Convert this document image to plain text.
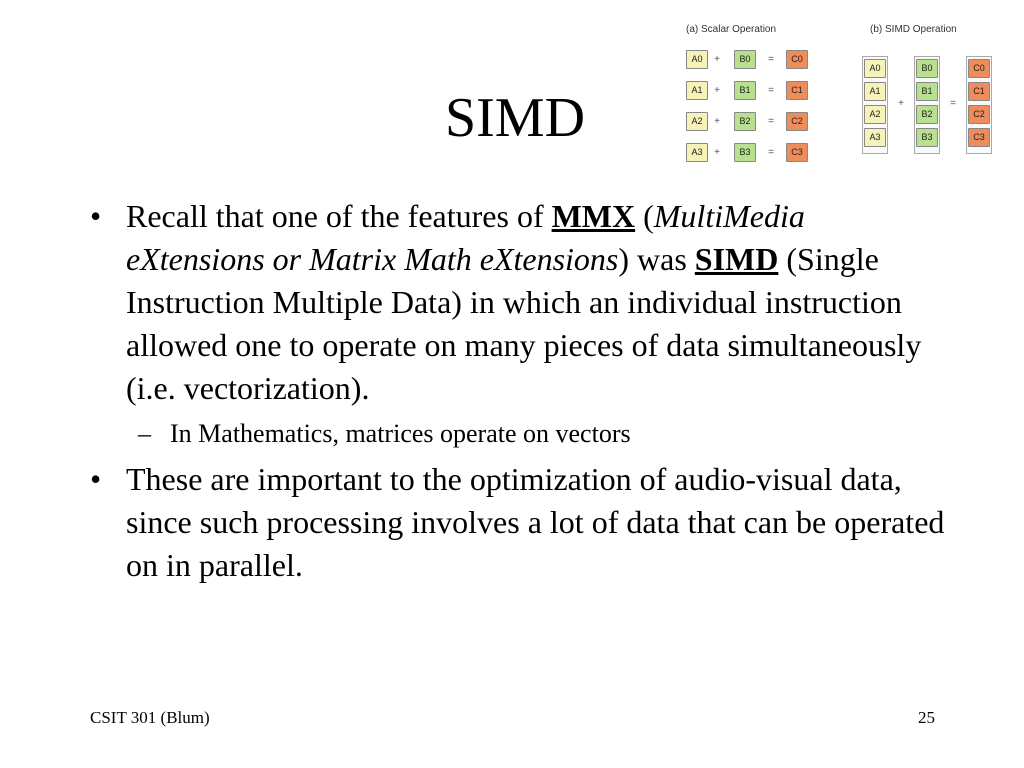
SIMD
(a) Scalar Operation
A0	+	B0	=	C0
A1	+	B1	=	C1
A2	+	B2	=	C2
A3	+	B3	=	C3
(b) SIMD Operation
A0
A1
A2
A3
+
B0
B1
B2
B3
=
C0
C1
C2
C3
• Recall that one of the features of MMX (MultiMedia eXtensions or Matrix Math eXtensions) was SIMD (Single Instruction Multiple Data) in which an individual instruction allowed one to operate on many pieces of data simultaneously (i.e. vectorization).
– In Mathematics, matrices operate on vectors
• These are important to the optimization of audio-visual data, since such processing involves a lot of data that can be operated on in parallel.
CSIT 301 (Blum)	25
